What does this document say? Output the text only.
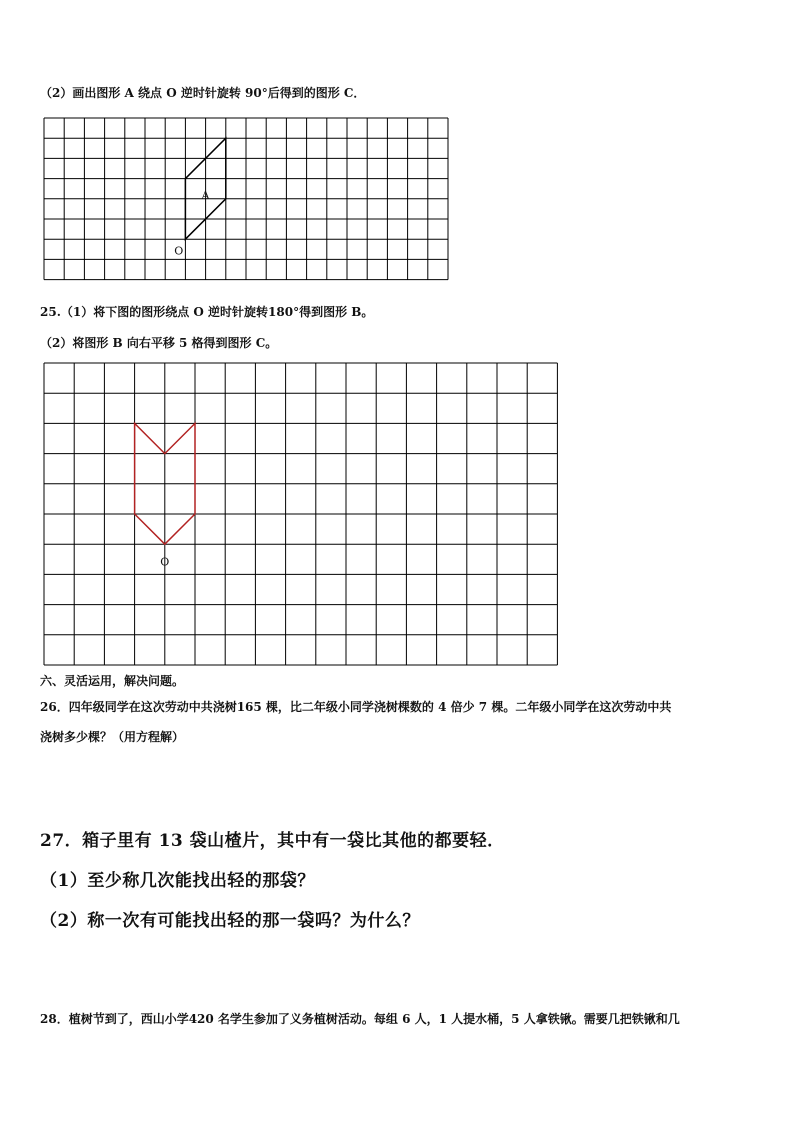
（2）画出图形 A 绕点 O 逆时针旋转 90°后得到的图形 C．
A
O
O
25.（1）将下图的图形绕点 O 逆时针旋转180°得到图形 B。
（2）将图形 B 向右平移 5 格得到图形 C。
六、灵活运用，解决问题。
26．四年级同学在这次劳动中共浇树165 棵，比二年级小同学浇树棵数的 4 倍少 7 棵。二年级小同学在这次劳动中共
浇树多少棵？（用方程解）
27．箱子里有 13 袋山楂片，其中有一袋比其他的都要轻．
（1）至少称几次能找出轻的那袋？
（2）称一次有可能找出轻的那一袋吗？为什么？
28．植树节到了，西山小学420 名学生参加了义务植树活动。每组 6 人，1 人提水桶，5 人拿铁锹。需要几把铁锹和几
